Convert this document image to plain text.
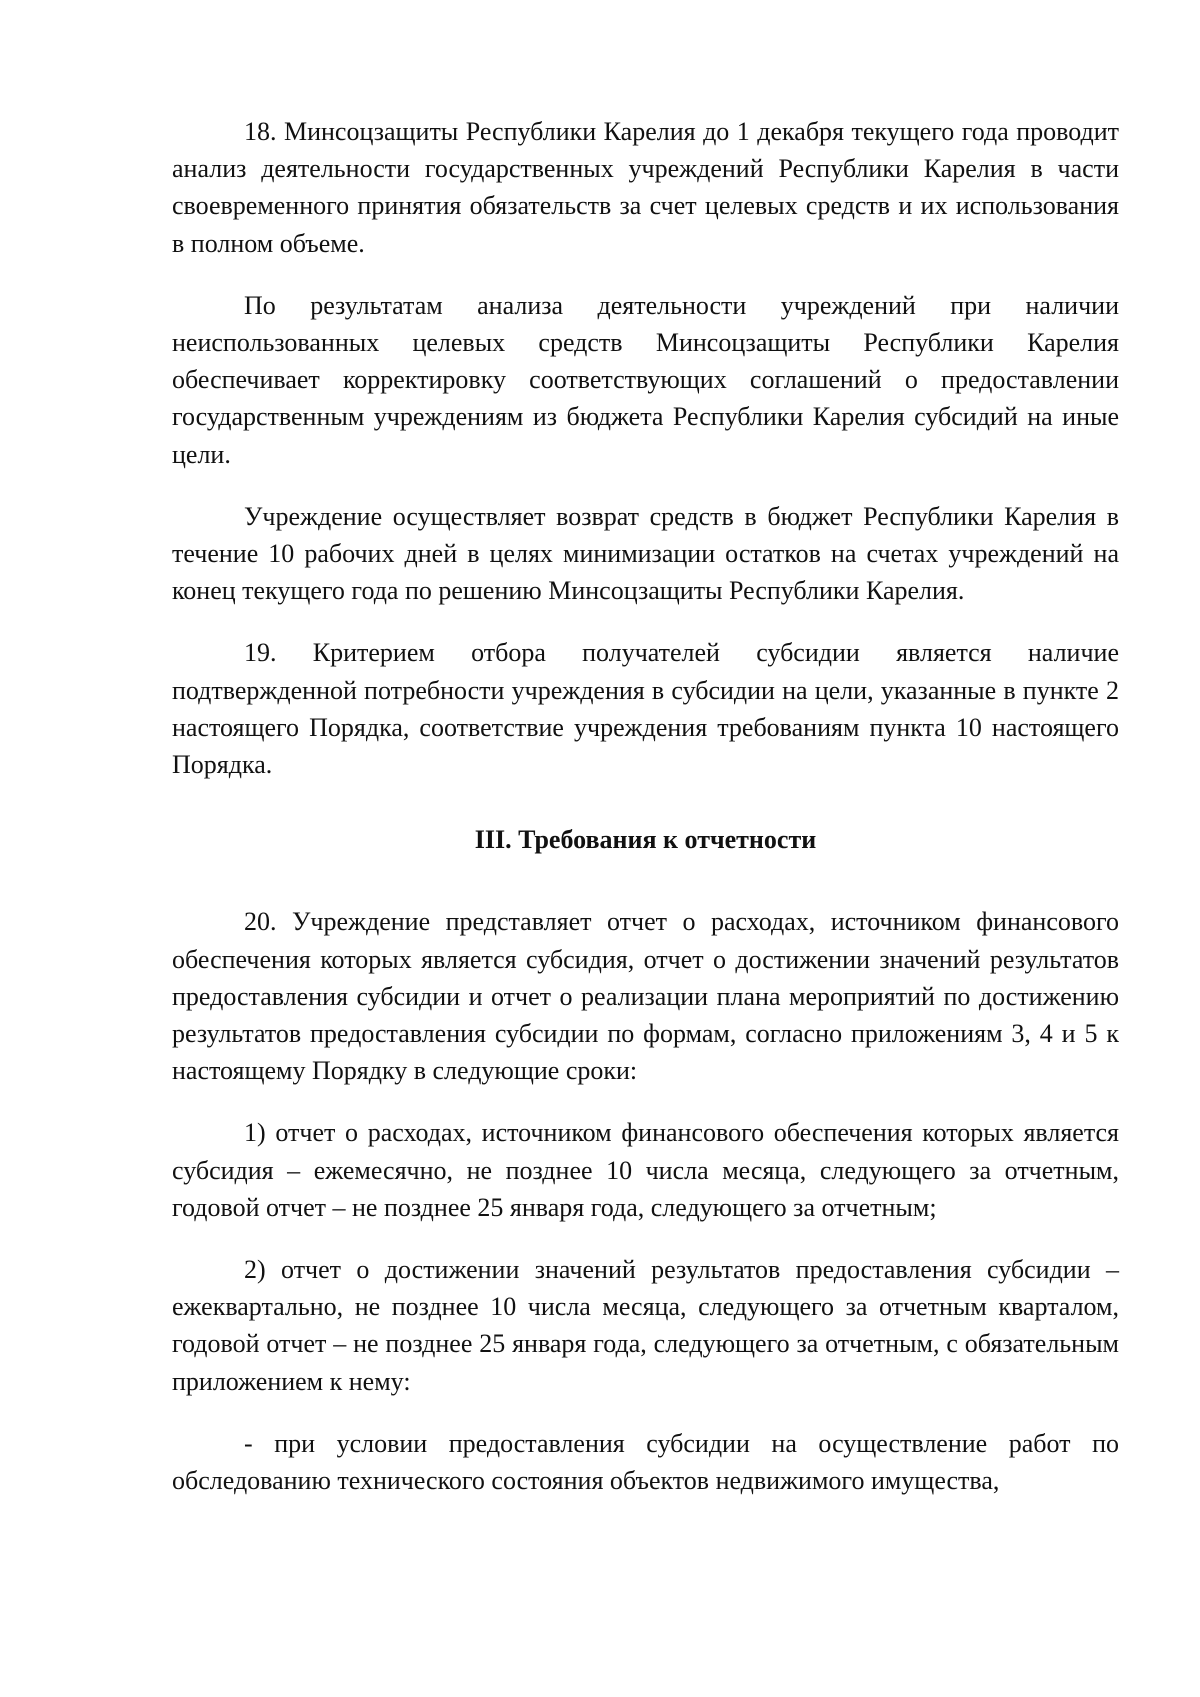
18. Минсоцзащиты Республики Карелия до 1 декабря текущего года проводит анализ деятельности государственных учреждений Республики Карелия в части своевременного принятия обязательств за счет целевых средств и их использования в полном объеме.

По результатам анализа деятельности учреждений при наличии неиспользованных целевых средств Минсоцзащиты Республики Карелия обеспечивает корректировку соответствующих соглашений о предоставлении государственным учреждениям из бюджета Республики Карелия субсидий на иные цели.

Учреждение осуществляет возврат средств в бюджет Республики Карелия в течение 10 рабочих дней в целях минимизации остатков на счетах учреждений на конец текущего года по решению Минсоцзащиты Республики Карелия.

19. Критерием отбора получателей субсидии является наличие подтвержденной потребности учреждения в субсидии на цели, указанные в пункте 2 настоящего Порядка, соответствие учреждения требованиям пункта 10 настоящего Порядка.

III. Требования к отчетности

20. Учреждение представляет отчет о расходах, источником финансового обеспечения которых является субсидия, отчет о достижении значений результатов предоставления субсидии и отчет о реализации плана мероприятий по достижению результатов предоставления субсидии по формам, согласно приложениям 3, 4 и 5 к настоящему Порядку в следующие сроки:

1) отчет о расходах, источником финансового обеспечения которых является субсидия – ежемесячно, не позднее 10 числа месяца, следующего за отчетным, годовой отчет – не позднее 25 января года, следующего за отчетным;

2) отчет о достижении значений результатов предоставления субсидии – ежеквартально, не позднее 10 числа месяца, следующего за отчетным кварталом, годовой отчет – не позднее 25 января года, следующего за отчетным, с обязательным приложением к нему:

- при условии предоставления субсидии на осуществление работ по обследованию технического состояния объектов недвижимого имущества,
